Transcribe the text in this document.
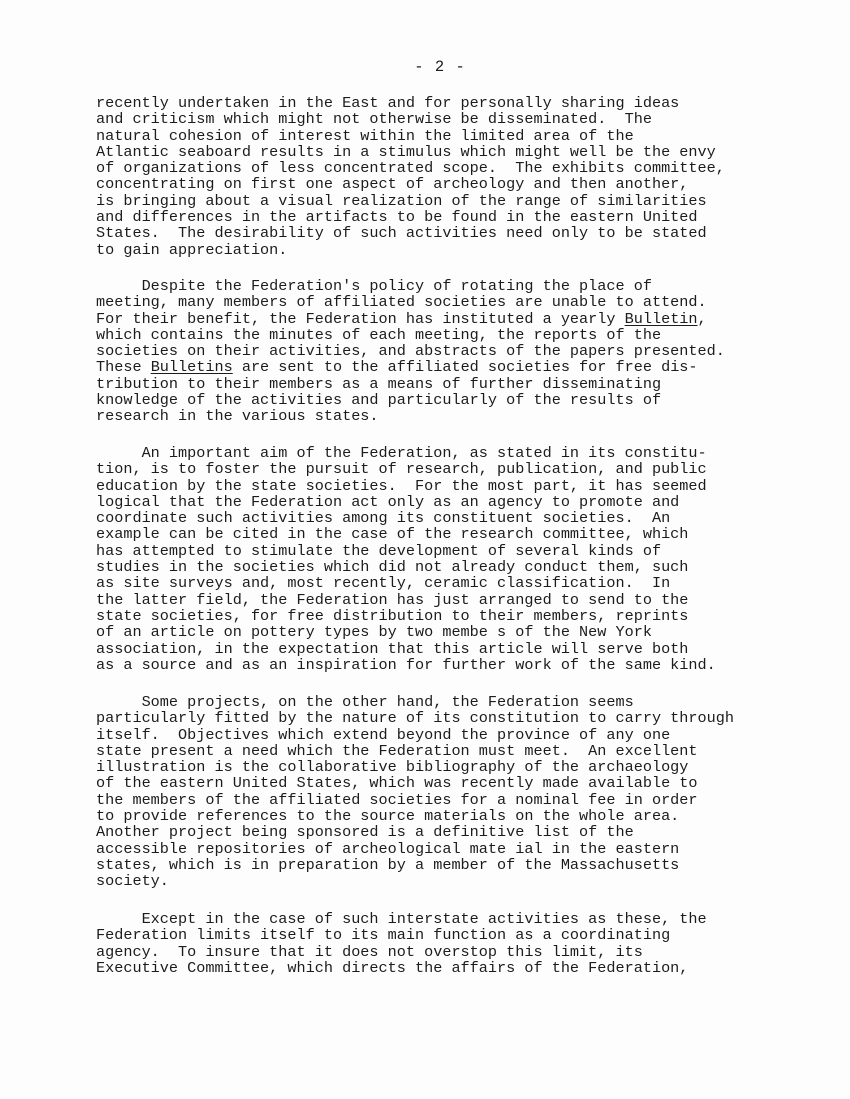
- 2 -
recently undertaken in the East and for personally sharing ideas
and criticism which might not otherwise be disseminated.  The
natural cohesion of interest within the limited area of the
Atlantic seaboard results in a stimulus which might well be the envy
of organizations of less concentrated scope.  The exhibits committee,
concentrating on first one aspect of archeology and then another,
is bringing about a visual realization of the range of similarities
and differences in the artifacts to be found in the eastern United
States.  The desirability of such activities need only to be stated
to gain appreciation.
Despite the Federation's policy of rotating the place of
meeting, many members of affiliated societies are unable to attend.
For their benefit, the Federation has instituted a yearly Bulletin,
which contains the minutes of each meeting, the reports of the
societies on their activities, and abstracts of the papers presented.
These Bulletins are sent to the affiliated societies for free dis-
tribution to their members as a means of further disseminating
knowledge of the activities and particularly of the results of
research in the various states.
An important aim of the Federation, as stated in its constitu-
tion, is to foster the pursuit of research, publication, and public
education by the state societies.  For the most part, it has seemed
logical that the Federation act only as an agency to promote and
coordinate such activities among its constituent societies.  An
example can be cited in the case of the research committee, which
has attempted to stimulate the development of several kinds of
studies in the societies which did not already conduct them, such
as site surveys and, most recently, ceramic classification.  In
the latter field, the Federation has just arranged to send to the
state societies, for free distribution to their members, reprints
of an article on pottery types by two membe s of the New York
association, in the expectation that this article will serve both
as a source and as an inspiration for further work of the same kind.
Some projects, on the other hand, the Federation seems
particularly fitted by the nature of its constitution to carry through
itself.  Objectives which extend beyond the province of any one
state present a need which the Federation must meet.  An excellent
illustration is the collaborative bibliography of the archaeology
of the eastern United States, which was recently made available to
the members of the affiliated societies for a nominal fee in order
to provide references to the source materials on the whole area.
Another project being sponsored is a definitive list of the
accessible repositories of archeological mate ial in the eastern
states, which is in preparation by a member of the Massachusetts
society.
Except in the case of such interstate activities as these, the
Federation limits itself to its main function as a coordinating
agency.  To insure that it does not overstop this limit, its
Executive Committee, which directs the affairs of the Federation,
